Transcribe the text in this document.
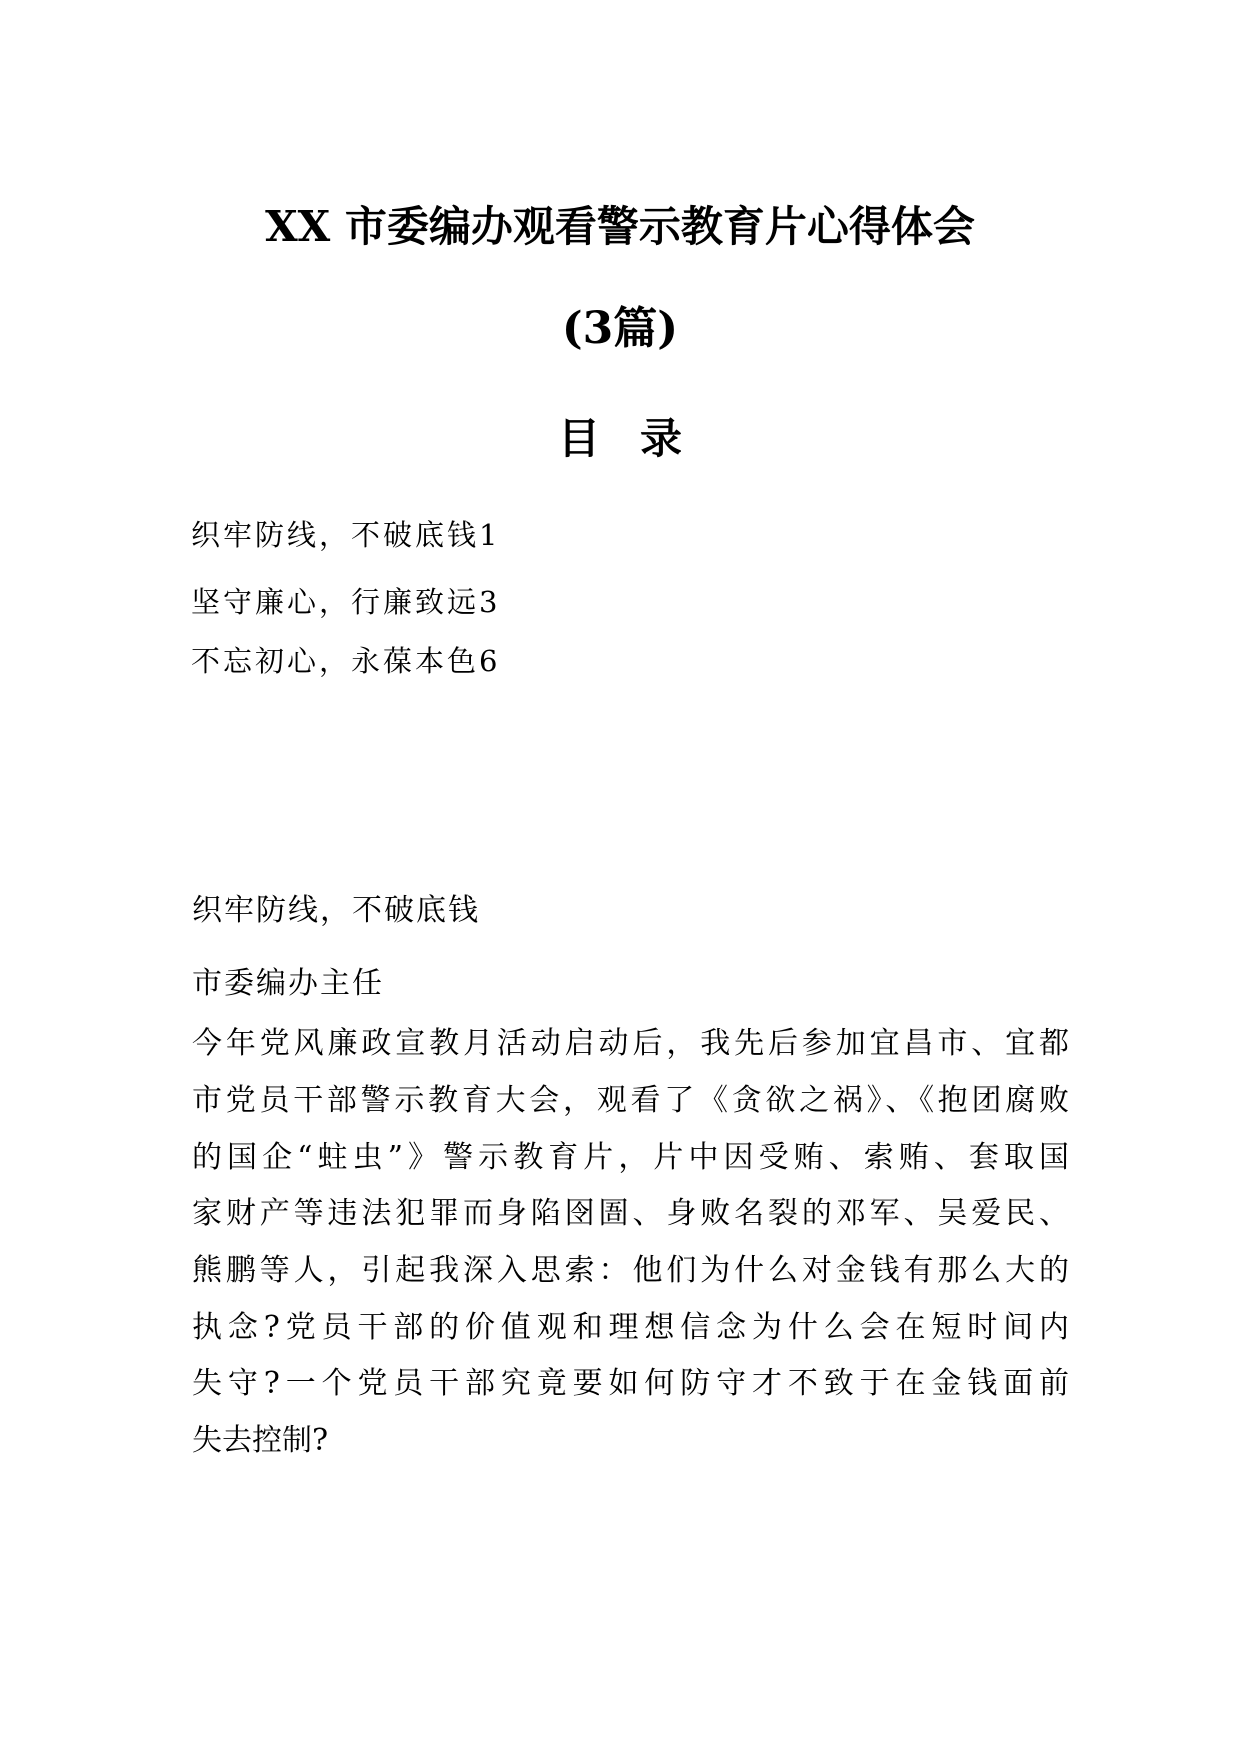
XX 市委编办观看警示教育片心得体会
(3篇)
目录
织牢防线，不破底钱1
坚守廉心，行廉致远3
不忘初心，永葆本色6
织牢防线，不破底钱
市委编办主任
今年党风廉政宣教月活动启动后，我先后参加宜昌市、宜都
市党员干部警示教育大会，观看了《贪欲之祸》、《抱团腐败
的国企“蛀虫”》警示教育片，片中因受贿、索贿、套取国
家财产等违法犯罪而身陷囹圄、身败名裂的邓军、吴爱民、
熊鹏等人，引起我深入思索：他们为什么对金钱有那么大的
执念?党员干部的价值观和理想信念为什么会在短时间内
失守?一个党员干部究竟要如何防守才不致于在金钱面前
失去控制?
